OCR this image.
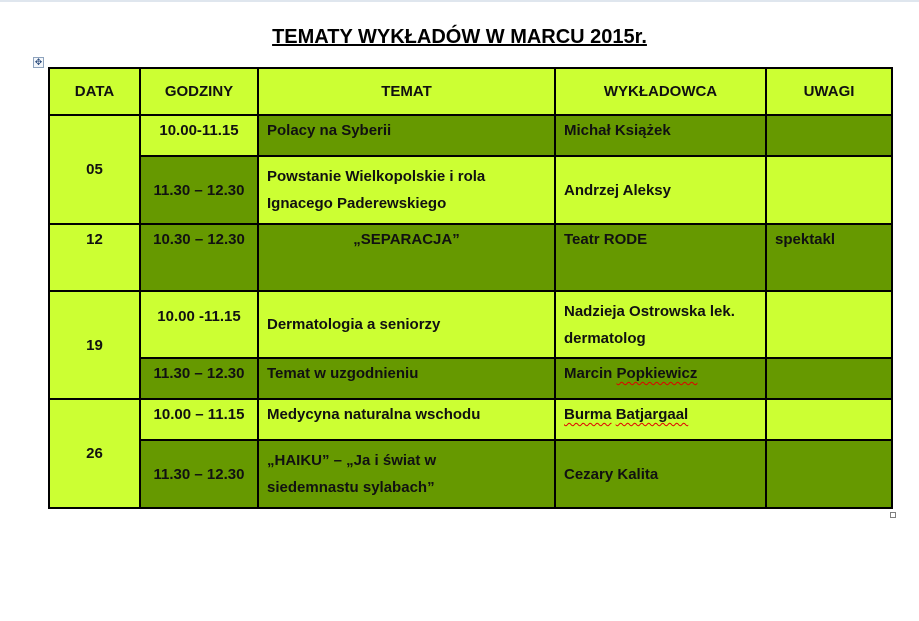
TEMATY WYKŁADÓW W MARCU 2015r.
✥
DATA	GODZINY	TEMAT	WYKŁADOWCA	UWAGI
05	10.00-11.15	Polacy na Syberii	Michał Książek	
	11.30 – 12.30	Powstanie Wielkopolskie i rola
Ignacego Paderewskiego	Andrzej Aleksy	
12	10.30 – 12.30	„SEPARACJA”	Teatr RODE	spektakl
19	10.00 -11.15	Dermatologia a seniorzy	Nadzieja Ostrowska lek.
dermatolog	

	11.30 – 12.30	Temat w uzgodnieniu	Marcin Popkiewicz	
26	10.00 – 11.15	Medycyna naturalna wschodu	Burma Batjargaal	
	11.30 – 12.30	„HAIKU” – „Ja i świat w
siedemnastu sylabach”	Cezary Kalita	
